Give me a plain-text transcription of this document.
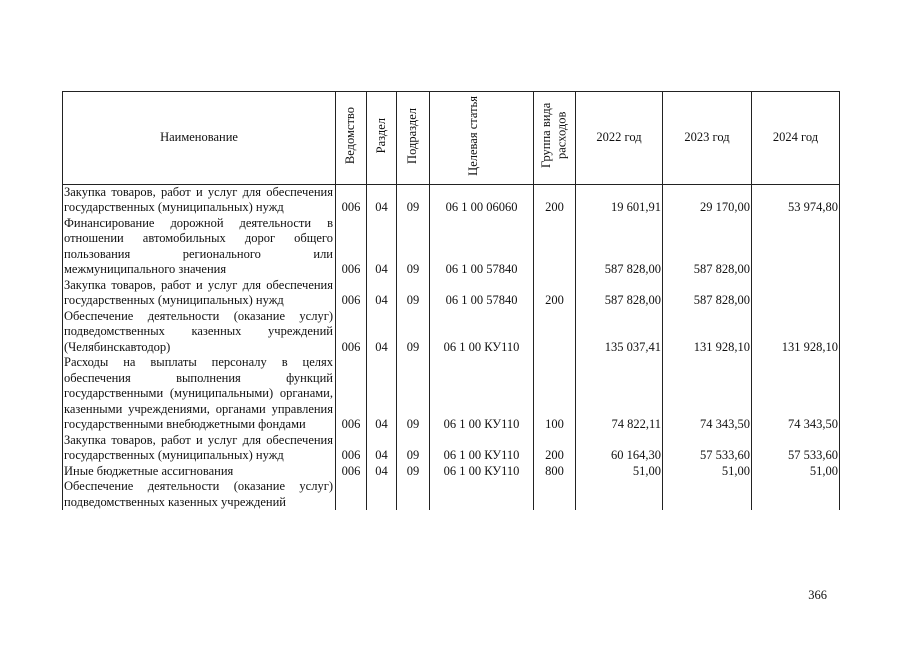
Наименование	Ведомство	Раздел	Подраздел	Целевая статья	Группа вида расходов	2022 год	2023 год	2024 год
Закупка товаров, работ и услуг для обеспечения государственных (муниципальных) нужд	006	04	09	06 1 00 06060	200	19 601,91	29 170,00	53 974,80
Финансирование дорожной деятельности в отношении автомобильных дорог общего пользования регионального или межмуниципального значения	006	04	09	06 1 00 57840		587 828,00	587 828,00	
Закупка товаров, работ и услуг для обеспечения государственных (муниципальных) нужд	006	04	09	06 1 00 57840	200	587 828,00	587 828,00	
Обеспечение деятельности (оказание услуг) подведомственных казенных учреждений (Челябинскавтодор)	006	04	09	06 1 00 КУ110		135 037,41	131 928,10	131 928,10
Расходы на выплаты персоналу в целях обеспечения выполнения функций государственными (муниципальными) органами, казенными учреждениями, органами управления государственными внебюджетными фондами	006	04	09	06 1 00 КУ110	100	74 822,11	74 343,50	74 343,50
Закупка товаров, работ и услуг для обеспечения государственных (муниципальных) нужд	006	04	09	06 1 00 КУ110	200	60 164,30	57 533,60	57 533,60
Иные бюджетные ассигнования	006	04	09	06 1 00 КУ110	800	51,00	51,00	51,00
Обеспечение деятельности (оказание услуг) подведомственных казенных учреждений								
366
